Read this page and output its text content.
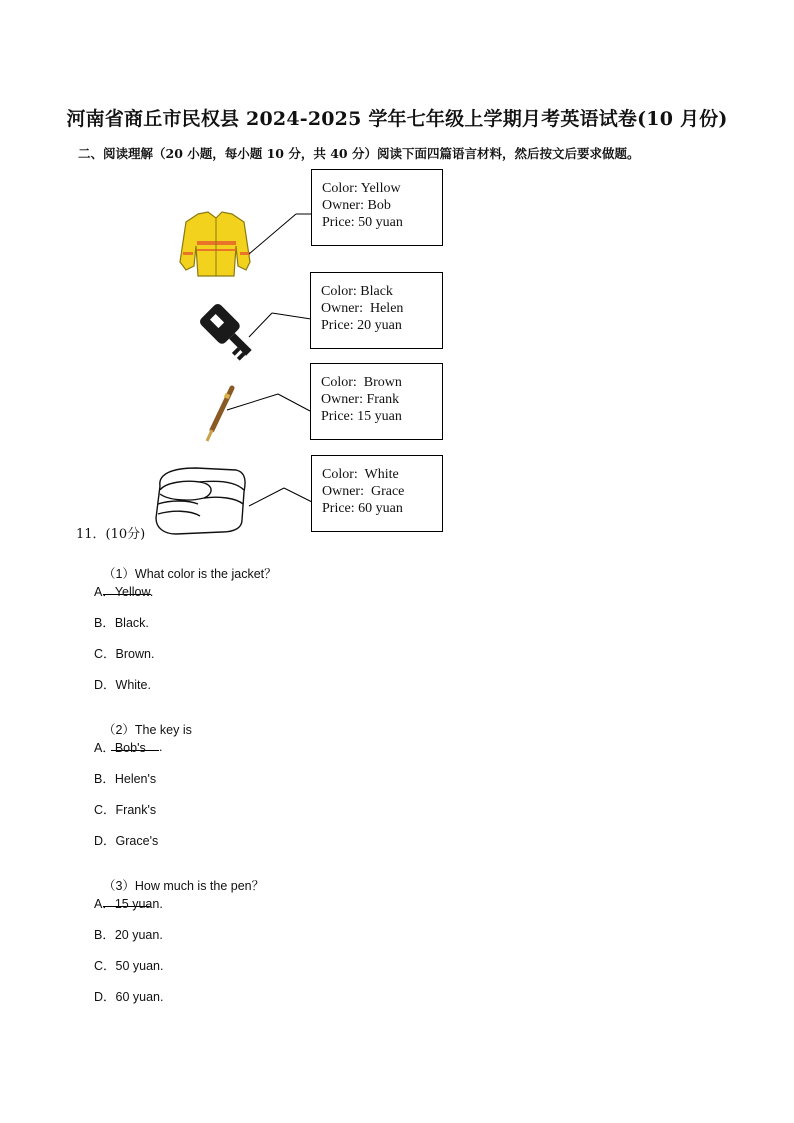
河南省商丘市民权县 2024-2025 学年七年级上学期月考英语试卷(10 月份)
二、阅读理解（20 小题，每小题 10 分，共 40 分）阅读下面四篇语言材料，然后按文后要求做题。
Color: Yellow
Owner: Bob
Price: 50 yuan
Color: Black
Owner:  Helen
Price: 20 yuan
Color:  Brown
Owner: Frank
Price: 15 yuan
Color:  White
Owner:  Grace
Price: 60 yuan
11．(10分)

（1）What color is the jacket？

A．Yellow.
B．Black.
C．Brown.
D．White.

（2）The key is
.

A．Bob's
B．Helen's
C．Frank's
D．Grace's

（3）How much is the pen？

A．15 yuan.
B．20 yuan.
C．50 yuan.
D．60 yuan.
